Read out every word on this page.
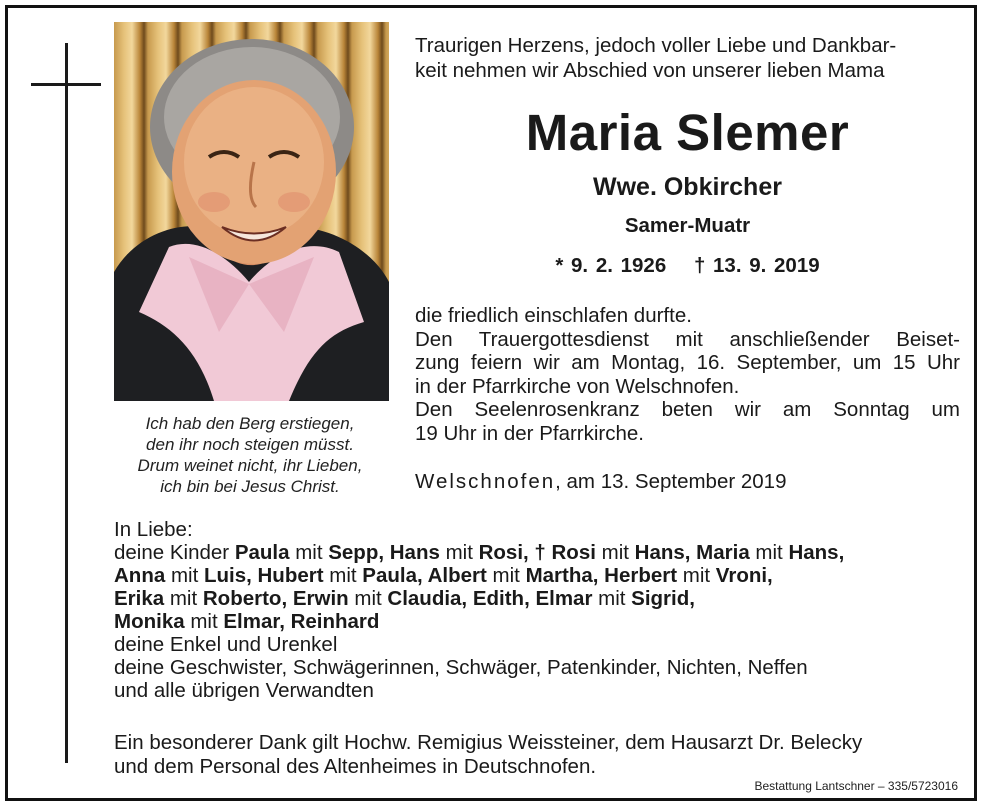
Ich hab den Berg erstiegen,
den ihr noch steigen müsst.
Drum weinet nicht, ihr Lieben,
ich bin bei Jesus Christ.
Traurigen Herzens, jedoch voller Liebe und Dankbar-
keit nehmen wir Abschied von unserer lieben Mama
Maria Slemer
Wwe. Obkircher
Samer-Muatr
* 9. 2. 1926 † 13. 9. 2019
die friedlich einschlafen durfte.
Den Trauergottesdienst mit anschließender Beiset-
zung feiern wir am Montag, 16. September, um 15 Uhr
in der Pfarrkirche von Welschnofen.
Den Seelenrosenkranz beten wir am Sonntag um
19 Uhr in der Pfarrkirche.
Welschnofen, am 13. September 2019
In Liebe:
deine Kinder Paula mit Sepp, Hans mit Rosi, † Rosi mit Hans, Maria mit Hans,
Anna mit Luis, Hubert mit Paula, Albert mit Martha, Herbert mit Vroni,
Erika mit Roberto, Erwin mit Claudia, Edith, Elmar mit Sigrid,
Monika mit Elmar, Reinhard
deine Enkel und Urenkel
deine Geschwister, Schwägerinnen, Schwäger, Patenkinder, Nichten, Neffen
und alle übrigen Verwandten
Ein besonderer Dank gilt Hochw. Remigius Weissteiner, dem Hausarzt Dr. Belecky
und dem Personal des Altenheimes in Deutschnofen.
Bestattung Lantschner – 335/5723016
